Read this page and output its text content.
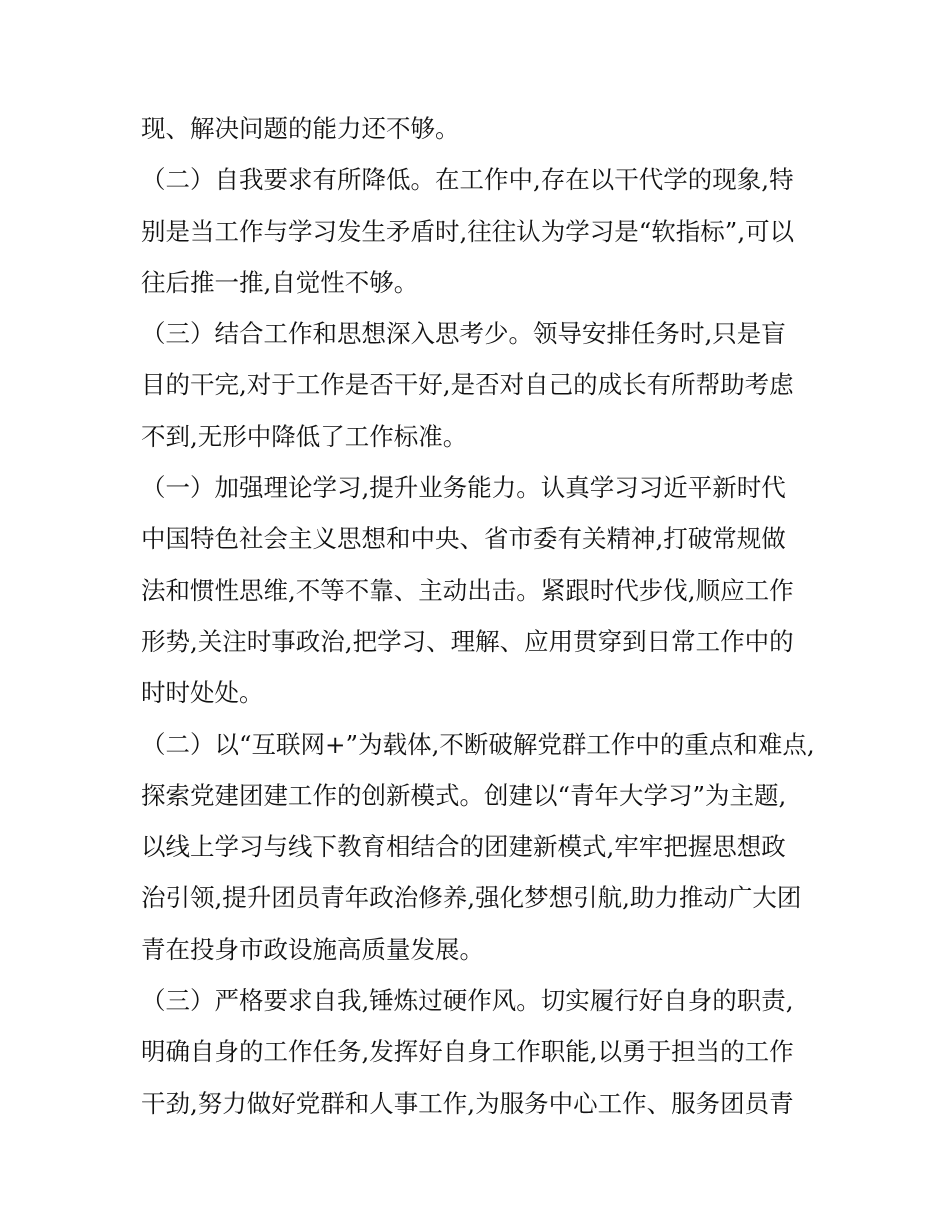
现、解决问题的能力还不够。
（二）自我要求有所降低。在工作中,存在以干代学的现象,特
别是当工作与学习发生矛盾时,往往认为学习是“软指标”,可以
往后推一推,自觉性不够。
（三）结合工作和思想深入思考少。领导安排任务时,只是盲
目的干完,对于工作是否干好,是否对自己的成长有所帮助考虑
不到,无形中降低了工作标准。
（一）加强理论学习,提升业务能力。认真学习习近平新时代
中国特色社会主义思想和中央、省市委有关精神,打破常规做
法和惯性思维,不等不靠、主动出击。紧跟时代步伐,顺应工作
形势,关注时事政治,把学习、理解、应用贯穿到日常工作中的
时时处处。
（二）以“互联网+”为载体,不断破解党群工作中的重点和难点,
探索党建团建工作的创新模式。创建以“青年大学习”为主题,
以线上学习与线下教育相结合的团建新模式,牢牢把握思想政
治引领,提升团员青年政治修养,强化梦想引航,助力推动广大团
青在投身市政设施高质量发展。
（三）严格要求自我,锤炼过硬作风。切实履行好自身的职责,
明确自身的工作任务,发挥好自身工作职能,以勇于担当的工作
干劲,努力做好党群和人事工作,为服务中心工作、服务团员青
